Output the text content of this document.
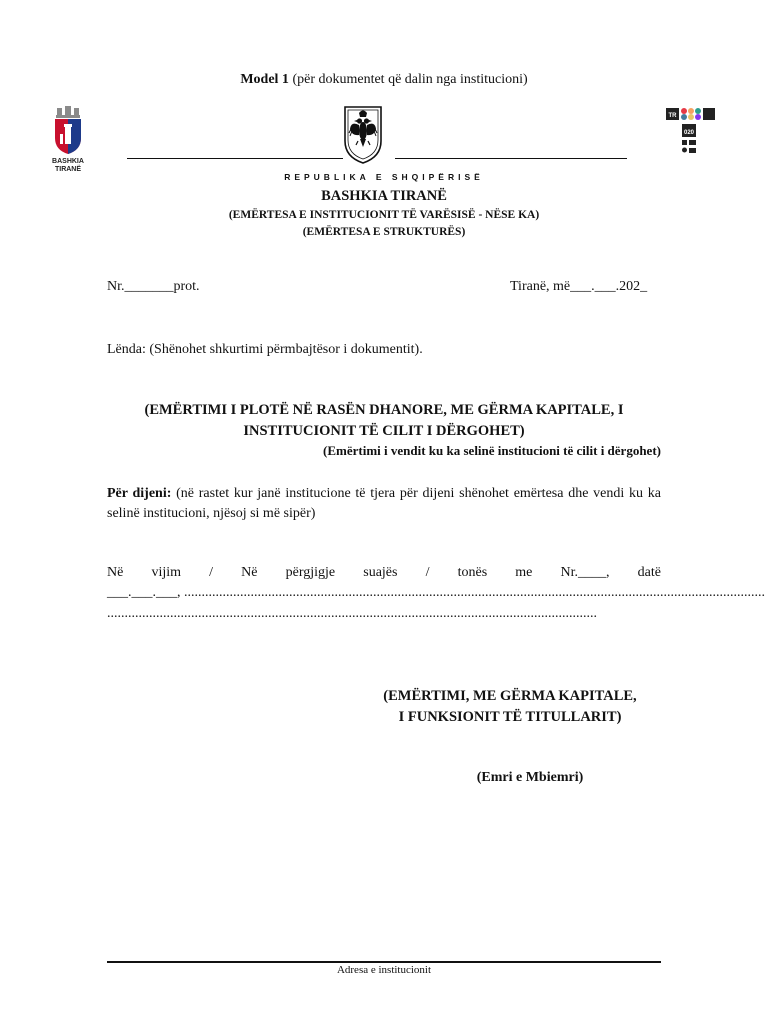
Model 1 (për dokumentet që dalin nga institucioni)
BASHKIA
TIRANË
TR
020
REPUBLIKA E SHQIPËRISË
BASHKIA TIRANË
(EMËRTESA E INSTITUCIONIT TË VARËSISË - NËSE KA)
(EMËRTESA E STRUKTURËS)
Nr._______prot.	Tiranë, më___.___.202_
Lënda: (Shënohet shkurtimi përmbajtësor i dokumentit).
(EMËRTIMI I PLOTË NË RASËN DHANORE, ME GËRMA KAPITALE, I INSTITUCIONIT TË CILIT I DËRGOHET)
(Emërtimi i vendit ku ka selinë institucioni të cilit i dërgohet)
Për dijeni: (në rastet kur janë institucione të tjera për dijeni shënohet emërtesa dhe vendi ku ka selinë institucioni, njësoj si më sipër)
Në vijim / Në përgjigje suajës / tonës me Nr.____, datë
___.___.___, ......................................................................................................................................................................
............................................................................................................................................
(EMËRTIMI, ME GËRMA KAPITALE,
I FUNKSIONIT TË TITULLARIT)
(Emri e Mbiemri)
Adresa e institucionit
